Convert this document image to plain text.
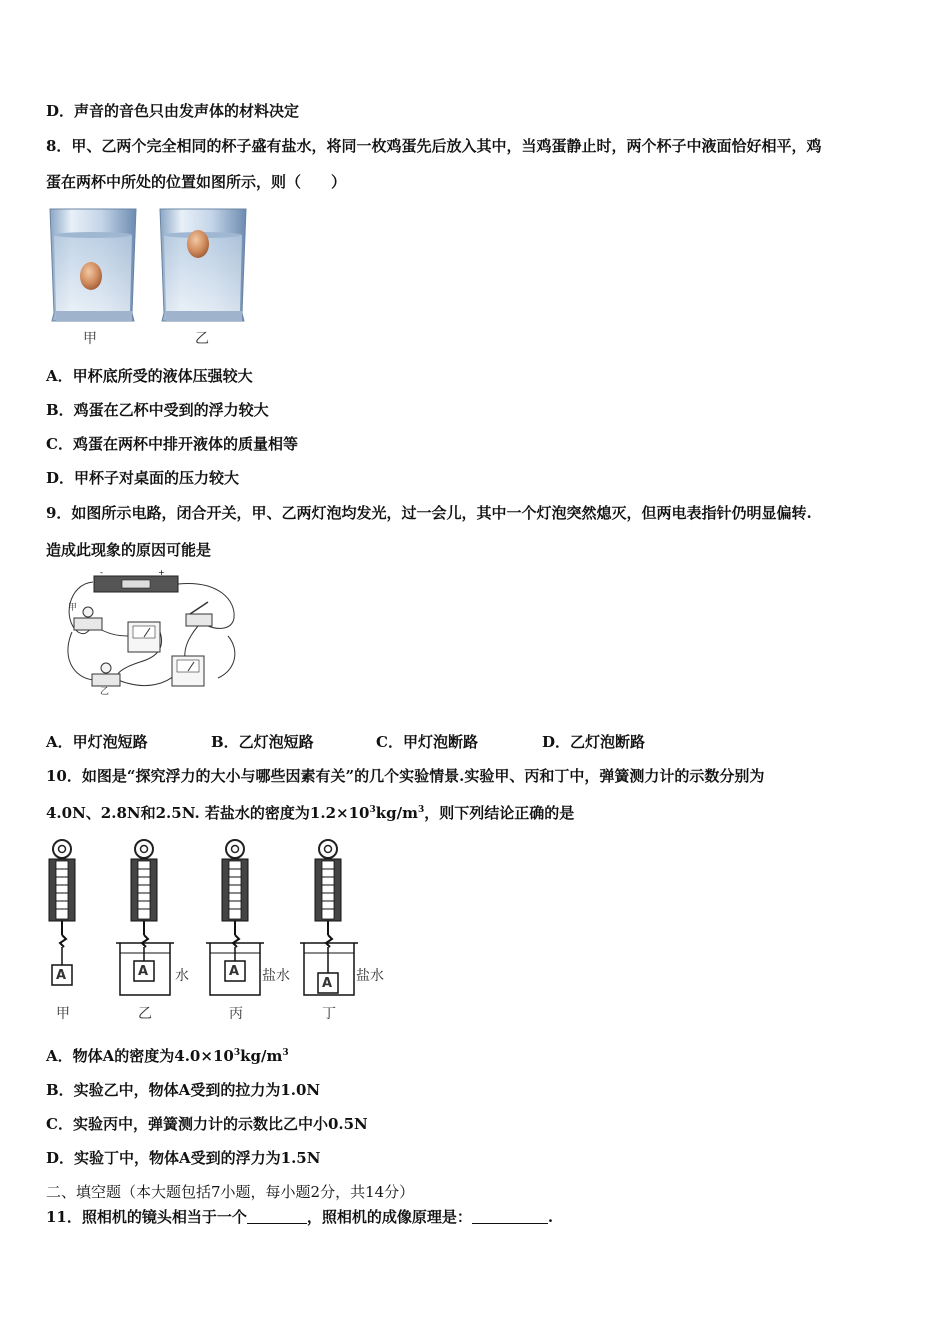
D．声音的音色只由发声体的材料决定
8．甲、乙两个完全相同的杯子盛有盐水，将同一枚鸡蛋先后放入其中，当鸡蛋静止时，两个杯子中液面恰好相平，鸡
蛋在两杯中所处的位置如图所示，则（　　）
甲	乙
A．甲杯底所受的液体压强较大
B．鸡蛋在乙杯中受到的浮力较大
C．鸡蛋在两杯中排开液体的质量相等
D．甲杯子对桌面的压力较大
9．如图所示电路，闭合开关，甲、乙两灯泡均发光，过一会儿，其中一个灯泡突然熄灭，但两电表指针仍明显偏转.
造成此现象的原因可能是
-	+
甲
乙
A．甲灯泡短路	B．乙灯泡短路	C．甲灯泡断路	D．乙灯泡断路
10．如图是“探究浮力的大小与哪些因素有关”的几个实验情景.实验甲、丙和丁中，弹簧测力计的示数分别为
4.0N、2.8N和2.5N. 若盐水的密度为$1.2\times 10^3kg/m^3$，则下列结论正确的是
A	A	A
A
水	盐水	盐水
甲	乙	丙	丁
A．物体A的密度为$4.0\times 10^3kg/m^3$
B．实验乙中，物体A受到的拉力为1.0N
C．实验丙中，弹簧测力计的示数比乙中小0.5N
D．实验丁中，物体A受到的浮力为1.5N
二、填空题（本大题包括7小题，每小题2分，共14分）
11．照相机的镜头相当于一个	，照相机的成像原理是：	.
